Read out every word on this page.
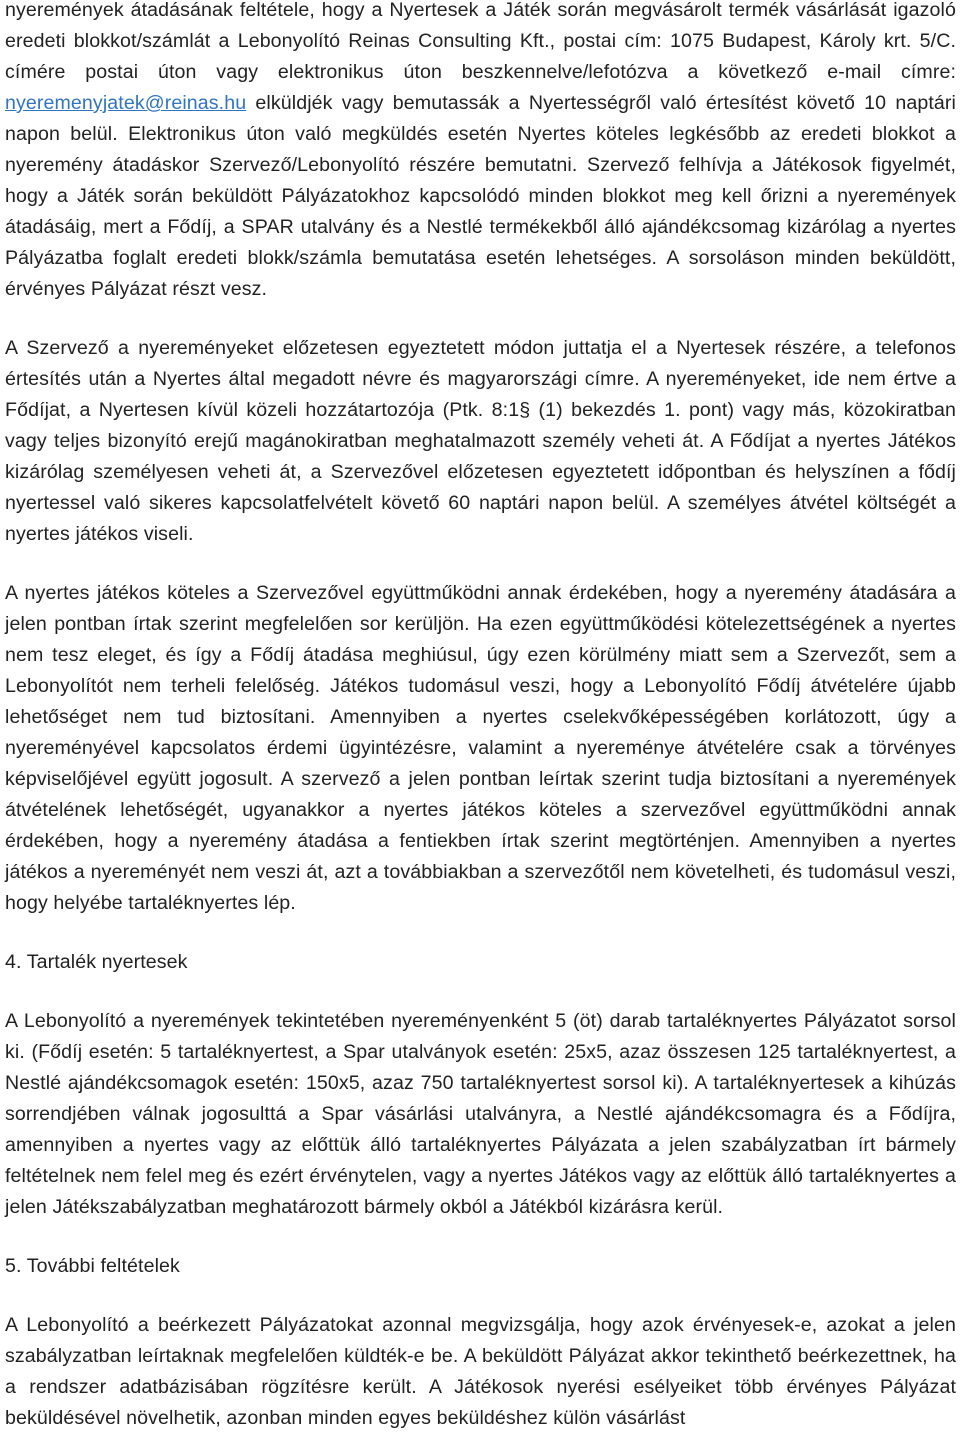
nyeremények átadásának feltétele, hogy a Nyertesek a Játék során megvásárolt termék vásárlását igazoló eredeti blokkot/számlát a Lebonyolító Reinas Consulting Kft., postai cím: 1075 Budapest, Károly krt. 5/C. címére postai úton vagy elektronikus úton beszkennelve/lefotózva a következő e-mail címre: nyeremenyjatek@reinas.hu elküldjék vagy bemutassák a Nyertességről való értesítést követő 10 naptári napon belül. Elektronikus úton való megküldés esetén Nyertes köteles legkésőbb az eredeti blokkot a nyeremény átadáskor Szervező/Lebonyolító részére bemutatni. Szervező felhívja a Játékosok figyelmét, hogy a Játék során beküldött Pályázatokhoz kapcsolódó minden blokkot meg kell őrizni a nyeremények átadásáig, mert a Fődíj, a SPAR utalvány és a Nestlé termékekből álló ajándékcsomag kizárólag a nyertes Pályázatba foglalt eredeti blokk/számla bemutatása esetén lehetséges. A sorsoláson minden beküldött, érvényes Pályázat részt vesz.

A Szervező a nyereményeket előzetesen egyeztetett módon juttatja el a Nyertesek részére, a telefonos értesítés után a Nyertes által megadott névre és magyarországi címre. A nyereményeket, ide nem értve a Fődíjat, a Nyertesen kívül közeli hozzátartozója (Ptk. 8:1§ (1) bekezdés 1. pont) vagy más, közokiratban vagy teljes bizonyító erejű magánokiratban meghatalmazott személy veheti át. A Fődíjat a nyertes Játékos kizárólag személyesen veheti át, a Szervezővel előzetesen egyeztetett időpontban és helyszínen a fődíj nyertessel való sikeres kapcsolatfelvételt követő 60 naptári napon belül. A személyes átvétel költségét a nyertes játékos viseli.

A nyertes játékos köteles a Szervezővel együttműködni annak érdekében, hogy a nyeremény átadására a jelen pontban írtak szerint megfelelően sor kerüljön. Ha ezen együttműködési kötelezettségének a nyertes nem tesz eleget, és így a Fődíj átadása meghiúsul, úgy ezen körülmény miatt sem a Szervezőt, sem a Lebonyolítót nem terheli felelőség. Játékos tudomásul veszi, hogy a Lebonyolító Fődíj átvételére újabb lehetőséget nem tud biztosítani. Amennyiben a nyertes cselekvőképességében korlátozott, úgy a nyereményével kapcsolatos érdemi ügyintézésre, valamint a nyereménye átvételére csak a törvényes képviselőjével együtt jogosult. A szervező a jelen pontban leírtak szerint tudja biztosítani a nyeremények átvételének lehetőségét, ugyanakkor a nyertes játékos köteles a szervezővel együttműködni annak érdekében, hogy a nyeremény átadása a fentiekben írtak szerint megtörténjen. Amennyiben a nyertes játékos a nyereményét nem veszi át, azt a továbbiakban a szervezőtől nem követelheti, és tudomásul veszi, hogy helyébe tartaléknyertes lép.

4. Tartalék nyertesek

A Lebonyolító a nyeremények tekintetében nyereményenként 5 (öt) darab tartaléknyertes Pályázatot sorsol ki. (Fődíj esetén: 5 tartaléknyertest, a Spar utalványok esetén: 25x5, azaz összesen 125 tartaléknyertest, a Nestlé ajándékcsomagok esetén: 150x5, azaz 750 tartaléknyertest sorsol ki). A tartaléknyertesek a kihúzás sorrendjében válnak jogosulttá a Spar vásárlási utalványra, a Nestlé ajándékcsomagra és a Fődíjra, amennyiben a nyertes vagy az előttük álló tartaléknyertes Pályázata a jelen szabályzatban írt bármely feltételnek nem felel meg és ezért érvénytelen, vagy a nyertes Játékos vagy az előttük álló tartaléknyertes a jelen Játékszabályzatban meghatározott bármely okból a Játékból kizárásra kerül.

5. További feltételek

A Lebonyolító a beérkezett Pályázatokat azonnal megvizsgálja, hogy azok érvényesek-e, azokat a jelen szabályzatban leírtaknak megfelelően küldték-e be. A beküldött Pályázat akkor tekinthető beérkezettnek, ha a rendszer adatbázisában rögzítésre került. A Játékosok nyerési esélyeiket több érvényes Pályázat beküldésével növelhetik, azonban minden egyes beküldéshez külön vásárlást
